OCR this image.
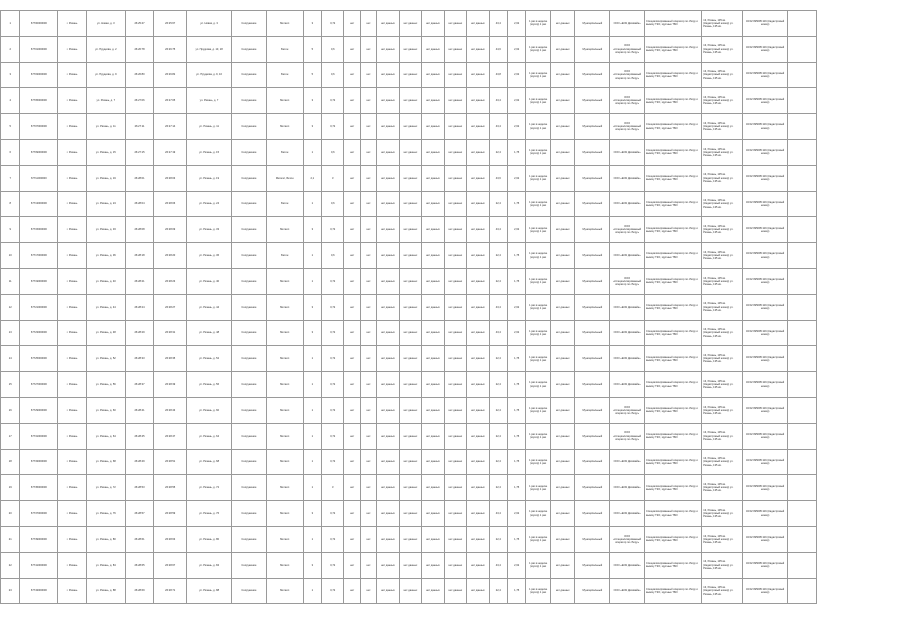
1	67700000000	г. Рязань	ул. Новая, д. 3	26:25:47	26:25:67	ул. Новая, д. 3	Сооружение	Металл	3	0,72	нет	нет	нет данных	нет данных	нет данных	нет данных	нет данных	43,4	2,62	1 раз в неделю (мусор) 1 раз	нет данных	Муниципальный	ООО «ЕОК Дисквайн»	Специализированный оператор по сбору и вывозу ТКО, крупные ТБО	13, Рязань, 135 кв. (Кадастровый номер) ул. Рязань, 135 кв.	43:02:095095:116 (Кадастровый номер)	
2	67701000000	г. Рязань	ул. Прудкова, д. 2	26:26:78	26:26:75	ул. Прудкова, д. 13, 18	Сооружение	Бетон	5	0,6	нет	нет	нет данных	нет данных	нет данных	нет данных	нет данных	44,6	2,62	1 раз в неделю (мусор) 1 раз	нет данных	Муниципальный	ООО «Специализированный оператор по сбору»	Специализированный оператор по сбору и вывозу ТКО, крупные ТБО	13, Рязань, 135 кв. (Кадастровый номер) ул. Рязань, 135 кв.	43:02:095095:116 (Кадастровый номер)	
3	67703000000	г. Рязань	ул. Прудкова, д. 9	26:26:80	26:26:82	ул. Прудкова, д. 9, 10	Сооружение	Бетон	5	0,6	нет	нет	нет данных	нет данных	нет данных	нет данных	нет данных	43,8	2,62	1 раз в неделю (мусор) 1 раз	нет данных	Муниципальный	ООО «Специализированный оператор по сбору»	Специализированный оператор по сбору и вывозу ТКО, крупные ТБО	13, Рязань, 135 кв. (Кадастровый номер) ул. Рязань, 135 кв.	43:02:095095:116 (Кадастровый номер)	
4	67705000000	г. Рязань	ул. Рязань, д. 7	26:27:06	26:27:05	ул. Рязань, д. 7	Сооружение	Металл	3	0,72	нет	нет	нет данных	нет данных	нет данных	нет данных	нет данных	43,4	2,62	1 раз в неделю (мусор) 1 раз	нет данных	Муниципальный	ООО «Специализированный оператор по сбору»	Специализированный оператор по сбору и вывозу ТКО, крупные ТБО	13, Рязань, 135 кв. (Кадастровый номер) ул. Рязань, 135 кв.	43:02:095095:116 (Кадастровый номер)	
5	67707000000	г. Рязань	ул. Рязань, д. 11	26:27:11	26:27:14	ул. Рязань, д. 11	Сооружение	Металл	3	0,72	нет	нет	нет данных	нет данных	нет данных	нет данных	нет данных	43,4	2,62	1 раз в неделю (мусор) 1 раз	нет данных	Муниципальный	ООО «Специализированный оператор по сбору»	Специализированный оператор по сбору и вывозу ТКО, крупные ТБО	13, Рязань, 135 кв. (Кадастровый номер) ул. Рязань, 135 кв.	43:02:095095:116 (Кадастровый номер)	
6	67709000000	г. Рязань	ул. Рязань, д. 15	26:27:15	26:27:19	ул. Рязань, д. 15	Сооружение	Бетон	1	0,6	нет	нет	нет данных	нет данных	нет данных	нет данных	нет данных	22,4	1,75	1 раз в неделю (мусор) 1 раз	нет данных	Муниципальный	ООО «ЕОК Дисквайн»	Специализированный оператор по сбору и вывозу ТКО, крупные ТБО	13, Рязань, 135 кв. (Кадастровый номер) ул. Рязань, 135 кв.	43:02:095095:116 (Кадастровый номер)	
7	67711000000	г. Рязань	ул. Рязань, д. 19	26:28:01	26:28:03	ул. Рязань, д. 19	Сооружение	Металл, Бетон	2,1	3	нет	нет	нет данных	нет данных	нет данных	нет данных	нет данных	43,6	2,62	1 раз в неделю (мусор) 1 раз	нет данных	Муниципальный	ООО «ЕОК Дисквайн»	Специализированный оператор по сбору и вывозу ТКО, крупные ТБО	13, Рязань, 135 кв. (Кадастровый номер) ул. Рязань, 135 кв.	43:02:095095:116 (Кадастровый номер)	
8	67713000000	г. Рязань	ул. Рязань, д. 24	26:28:04	26:28:06	ул. Рязань, д. 24	Сооружение	Бетон	1	0,6	нет	нет	нет данных	нет данных	нет данных	нет данных	нет данных	22,4	1,75	1 раз в неделю (мусор) 1 раз	нет данных	Муниципальный	ООО «ЕОК Дисквайн»	Специализированный оператор по сбору и вывозу ТКО, крупные ТБО	13, Рязань, 135 кв. (Кадастровый номер) ул. Рязань, 135 кв.	43:02:095095:116 (Кадастровый номер)	
9	67715000000	г. Рязань	ул. Рязань, д. 33	26:28:08	26:28:09	ул. Рязань, д. 33	Сооружение	Металл	3	0,72	нет	нет	нет данных	нет данных	нет данных	нет данных	нет данных	43,4	2,62	1 раз в неделю (мусор) 1 раз	нет данных	Муниципальный	ООО «Специализированный оператор по сбору»	Специализированный оператор по сбору и вывозу ТКО, крупные ТБО	13, Рязань, 135 кв. (Кадастровый номер) ул. Рязань, 135 кв.	43:02:095095:116 (Кадастровый номер)	
10	67717000000	г. Рязань	ул. Рязань, д. 36	26:28:18	26:28:20	ул. Рязань, д. 36	Сооружение	Бетон	1	0,6	нет	нет	нет данных	нет данных	нет данных	нет данных	нет данных	22,4	1,75	1 раз в неделю (мусор) 1 раз	нет данных	Муниципальный	ООО «ЕОК Дисквайн»	Специализированный оператор по сбору и вывозу ТКО, крупные ТБО	13, Рязань, 135 кв. (Кадастровый номер) ул. Рязань, 135 кв.	43:02:095095:116 (Кадастровый номер)	
11	67719000000	г. Рязань	ул. Рязань, д. 40	26:28:21	26:28:23	ул. Рязань, д. 40	Сооружение	Металл	1	0,72	нет	нет	нет данных	нет данных	нет данных	нет данных	нет данных	22,4	1,75	1 раз в неделю (мусор) 1 раз	нет данных	Муниципальный	ООО «Специализированный оператор по сбору»	Специализированный оператор по сбору и вывозу ТКО, крупные ТБО	13, Рязань, 135 кв. (Кадастровый номер) ул. Рязань, 135 кв.	43:02:095095:116 (Кадастровый номер)	
12	67721000000	г. Рязань	ул. Рязань, д. 44	26:28:24	26:28:27	ул. Рязань, д. 44	Сооружение	Металл	3	0,72	нет	нет	нет данных	нет данных	нет данных	нет данных	нет данных	43,4	2,62	1 раз в неделю (мусор) 1 раз	нет данных	Муниципальный	ООО «ЕОК Дисквайн»	Специализированный оператор по сбору и вывозу ТКО, крупные ТБО	13, Рязань, 135 кв. (Кадастровый номер) ул. Рязань, 135 кв.	43:02:095095:116 (Кадастровый номер)	
13	67723000000	г. Рязань	ул. Рязань, д. 48	26:28:29	26:28:31	ул. Рязань, д. 48	Сооружение	Металл	3	0,72	нет	нет	нет данных	нет данных	нет данных	нет данных	нет данных	43,4	2,62	1 раз в неделю (мусор) 1 раз	нет данных	Муниципальный	ООО «ЕОК Дисквайн»	Специализированный оператор по сбору и вывозу ТКО, крупные ТБО	13, Рязань, 135 кв. (Кадастровый номер) ул. Рязань, 135 кв.	43:02:095095:116 (Кадастровый номер)	
14	67725000000	г. Рязань	ул. Рязань, д. 52	26:28:33	26:28:35	ул. Рязань, д. 52	Сооружение	Металл	1	0,72	нет	нет	нет данных	нет данных	нет данных	нет данных	нет данных	22,4	1,75	1 раз в неделю (мусор) 1 раз	нет данных	Муниципальный	ООО «ЕОК Дисквайн»	Специализированный оператор по сбору и вывозу ТКО, крупные ТБО	13, Рязань, 135 кв. (Кадастровый номер) ул. Рязань, 135 кв.	43:02:095095:116 (Кадастровый номер)	
15	67727000000	г. Рязань	ул. Рязань, д. 56	26:28:37	26:28:39	ул. Рязань, д. 56	Сооружение	Металл	1	0,72	нет	нет	нет данных	нет данных	нет данных	нет данных	нет данных	22,4	1,75	1 раз в неделю (мусор) 1 раз	нет данных	Муниципальный	ООО «ЕОК Дисквайн»	Специализированный оператор по сбору и вывозу ТКО, крупные ТБО	13, Рязань, 135 кв. (Кадастровый номер) ул. Рязань, 135 кв.	43:02:095095:116 (Кадастровый номер)	
16	67729000000	г. Рязань	ул. Рязань, д. 60	26:28:41	26:28:43	ул. Рязань, д. 60	Сооружение	Металл	1	0,72	нет	нет	нет данных	нет данных	нет данных	нет данных	нет данных	22,4	1,75	1 раз в неделю (мусор) 1 раз	нет данных	Муниципальный	ООО «Специализированный оператор по сбору»	Специализированный оператор по сбору и вывозу ТКО, крупные ТБО	13, Рязань, 135 кв. (Кадастровый номер) ул. Рязань, 135 кв.	43:02:095095:116 (Кадастровый номер)	
17	67731000000	г. Рязань	ул. Рязань, д. 64	26:28:45	26:28:47	ул. Рязань, д. 64	Сооружение	Металл	1	0,72	нет	нет	нет данных	нет данных	нет данных	нет данных	нет данных	22,4	1,75	1 раз в неделю (мусор) 1 раз	нет данных	Муниципальный	ООО «Специализированный оператор по сбору»	Специализированный оператор по сбору и вывозу ТКО, крупные ТБО	13, Рязань, 135 кв. (Кадастровый номер) ул. Рязань, 135 кв.	43:02:095095:116 (Кадастровый номер)	
18	67733000000	г. Рязань	ул. Рязань, д. 68	26:28:49	26:28:51	ул. Рязань, д. 68	Сооружение	Металл	1	0,72	нет	нет	нет данных	нет данных	нет данных	нет данных	нет данных	22,4	1,75	1 раз в неделю (мусор) 1 раз	нет данных	Муниципальный	ООО «ЕОК Дисквайн»	Специализированный оператор по сбору и вывозу ТКО, крупные ТБО	13, Рязань, 135 кв. (Кадастровый номер) ул. Рязань, 135 кв.	43:02:095095:116 (Кадастровый номер)	
19	67735000000	г. Рязань	ул. Рязань, д. 72	26:28:53	26:28:55	ул. Рязань, д. 72	Сооружение	Металл	1	3	нет	нет	нет данных	нет данных	нет данных	нет данных	нет данных	22,4	1,75	1 раз в неделю (мусор) 1 раз	нет данных	Муниципальный	ООО «ЕОК Дисквайн»	Специализированный оператор по сбору и вывозу ТКО, крупные ТБО	13, Рязань, 135 кв. (Кадастровый номер) ул. Рязань, 135 кв.	43:02:095095:116 (Кадастровый номер)	
20	67737000000	г. Рязань	ул. Рязань, д. 76	26:28:57	26:28:59	ул. Рязань, д. 76	Сооружение	Металл	3	0,72	нет	нет	нет данных	нет данных	нет данных	нет данных	нет данных	43,4	2,62	1 раз в неделю (мусор) 1 раз	нет данных	Муниципальный	ООО «ЕОК Дисквайн»	Специализированный оператор по сбору и вывозу ТКО, крупные ТБО	13, Рязань, 135 кв. (Кадастровый номер) ул. Рязань, 135 кв.	43:02:095095:116 (Кадастровый номер)	
21	67739000000	г. Рязань	ул. Рязань, д. 80	26:28:61	26:28:63	ул. Рязань, д. 80	Сооружение	Металл	1	0,72	нет	нет	нет данных	нет данных	нет данных	нет данных	нет данных	22,4	1,75	1 раз в неделю (мусор) 1 раз	нет данных	Муниципальный	ООО «Специализированный оператор по сбору»	Специализированный оператор по сбору и вывозу ТКО, крупные ТБО	13, Рязань, 135 кв. (Кадастровый номер) ул. Рязань, 135 кв.	43:02:095095:116 (Кадастровый номер)	
22	67741000000	г. Рязань	ул. Рязань, д. 84	26:28:65	26:28:67	ул. Рязань, д. 84	Сооружение	Металл	3	0,72	нет	нет	нет данных	нет данных	нет данных	нет данных	нет данных	43,4	2,62	1 раз в неделю (мусор) 1 раз	нет данных	Муниципальный	ООО «ЕОК Дисквайн»	Специализированный оператор по сбору и вывозу ТКО, крупные ТБО	13, Рязань, 135 кв. (Кадастровый номер) ул. Рязань, 135 кв.	43:02:095095:116 (Кадастровый номер)	
23	67743000000	г. Рязань	ул. Рязань, д. 88	26:28:69	26:28:71	ул. Рязань, д. 88	Сооружение	Металл	1	0,72	нет	нет	нет данных	нет данных	нет данных	нет данных	нет данных	22,4	1,75	1 раз в неделю (мусор) 1 раз	нет данных	Муниципальный	ООО «ЕОК Дисквайн»	Специализированный оператор по сбору и вывозу ТКО, крупные ТБО	13, Рязань, 135 кв. (Кадастровый номер) ул. Рязань, 135 кв.	43:02:095095:116 (Кадастровый номер)	
